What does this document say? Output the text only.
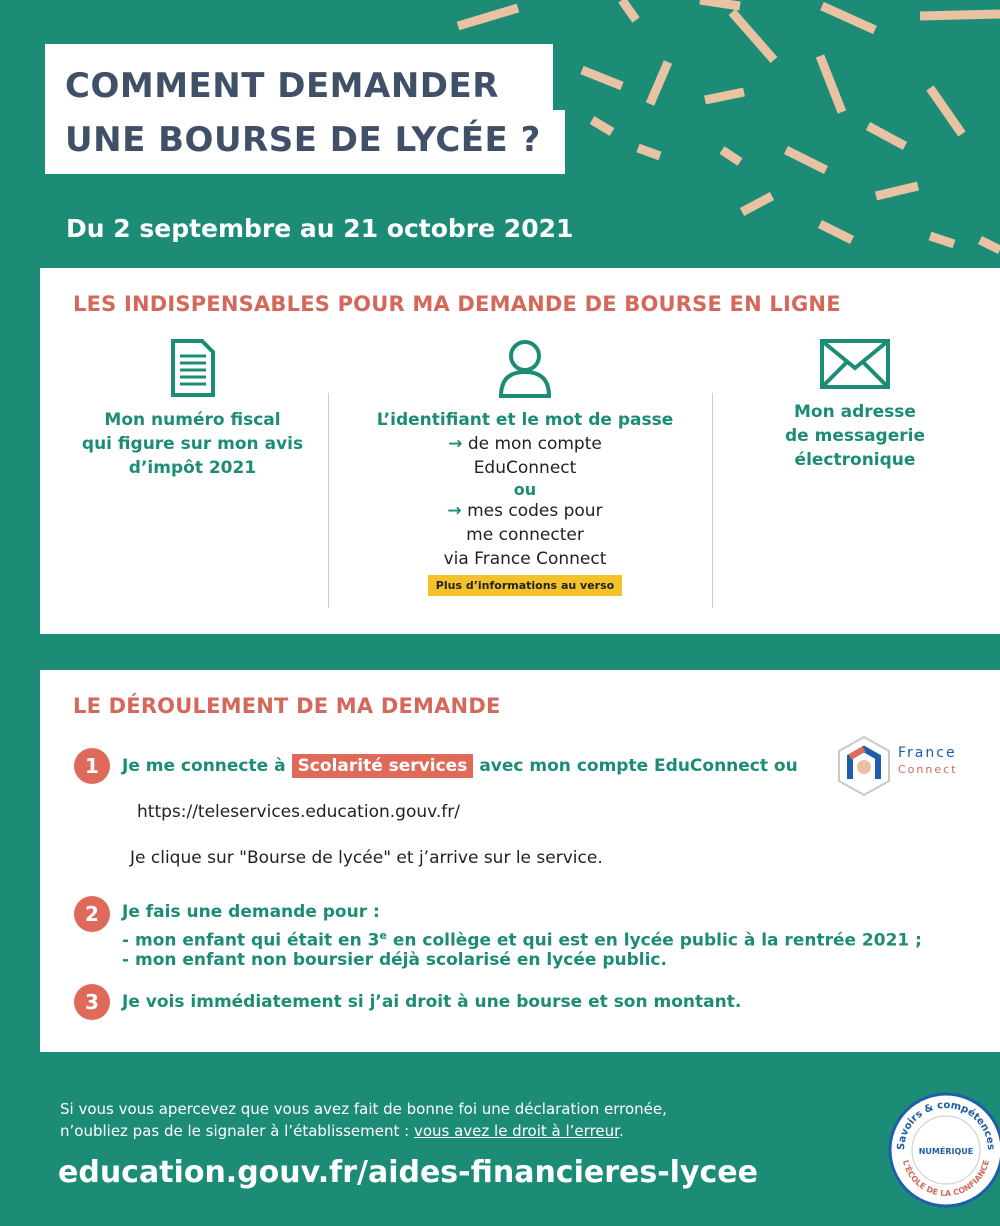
COMMENT DEMANDER
UNE BOURSE DE LYCÉE ?
Du 2 septembre au 21 octobre 2021
LES INDISPENSABLES POUR MA DEMANDE DE BOURSE EN LIGNE
Mon numéro fiscal
qui figure sur mon avis
d’impôt 2021
L’identifiant et le mot de passe
→ de mon compte
EduConnect
ou
→ mes codes pour
me connecter
via France Connect
Plus d’informations au verso
Mon adresse
de messagerie
électronique
LE DÉROULEMENT DE MA DEMANDE
1	Je me connecte à Scolarité services avec mon compte EduConnect ou
France
Connect
https://teleservices.education.gouv.fr/
Je clique sur "Bourse de lycée" et j’arrive sur le service.
2	Je fais une demande pour :
- mon enfant qui était en 3e en collège et qui est en lycée public à la rentrée 2021 ;
- mon enfant non boursier déjà scolarisé en lycée public.
3	Je vois immédiatement si j’ai droit à une bourse et son montant.
Si vous vous apercevez que vous avez fait de bonne foi une déclaration erronée,
n’oubliez pas de le signaler à l’établissement : vous avez le droit à l’erreur.
education.gouv.fr/aides-financieres-lycee
Savoirs & compétences
NUMÉRIQUE
L'ÉCOLE DE LA CONFIANCE
